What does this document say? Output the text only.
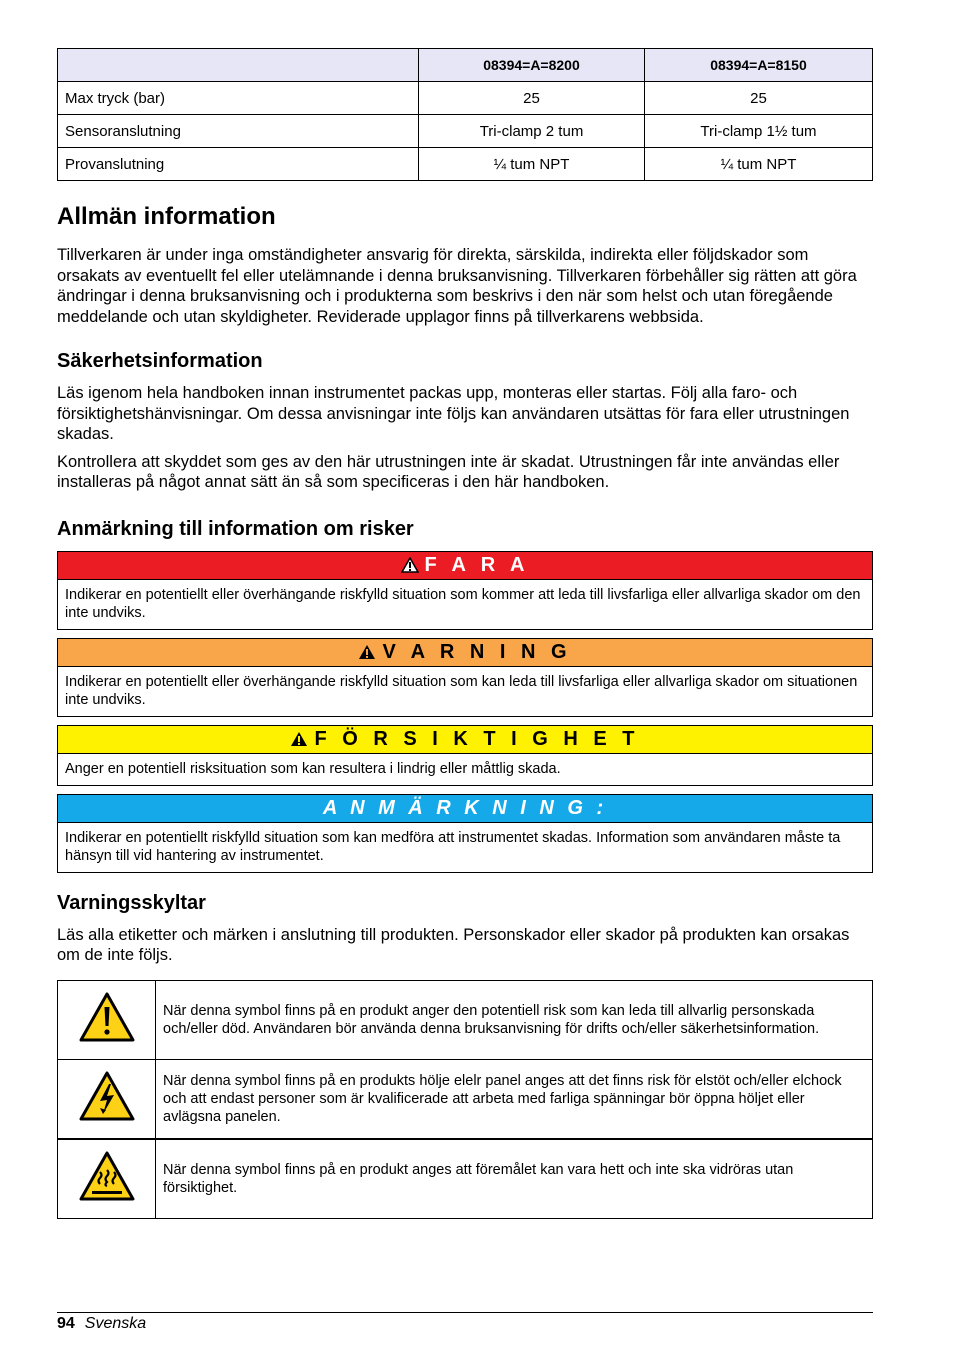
	08394=A=8200	08394=A=8150
Max tryck (bar)	25	25
Sensoranslutning	Tri-clamp 2 tum	Tri-clamp 1½ tum
Provanslutning	¼ tum NPT	¼ tum NPT
Allmän information

Tillverkaren är under inga omständigheter ansvarig för direkta, särskilda, indirekta eller följdskador som orsakats av eventuellt fel eller utelämnande i denna bruksanvisning. Tillverkaren förbehåller sig rätten att göra ändringar i denna bruksanvisning och i produkterna som beskrivs i den när som helst och utan föregående meddelande och utan skyldigheter. Reviderade upplagor finns på tillverkarens webbsida.

Säkerhetsinformation

Läs igenom hela handboken innan instrumentet packas upp, monteras eller startas. Följ alla faro- och försiktighetshänvisningar. Om dessa anvisningar inte följs kan användaren utsättas för fara eller utrustningen skadas.

Kontrollera att skyddet som ges av den här utrustningen inte är skadat. Utrustningen får inte användas eller installeras på något annat sätt än så som specificeras i den här handboken.

Anmärkning till information om risker
F A R A
Indikerar en potentiellt eller överhängande riskfylld situation som kommer att leda till livsfarliga eller allvarliga skador om den inte undviks.
V A R N I N G
Indikerar en potentiellt eller överhängande riskfylld situation som kan leda till livsfarliga eller allvarliga skador om situationen inte undviks.
F Ö R S I K T I G H E T
Anger en potentiell risksituation som kan resultera i lindrig eller måttlig skada.
A N M Ä R K N I N G :
Indikerar en potentiellt riskfylld situation som kan medföra att instrumentet skadas. Information som användaren måste ta hänsyn till vid hantering av instrumentet.
Varningsskyltar

Läs alla etiketter och märken i anslutning till produkten. Personskador eller skador på produkten kan orsakas om de inte följs.

	När denna symbol finns på en produkt anger den potentiell risk som kan leda till allvarlig personskada och/eller död. Användaren bör använda denna bruksanvisning för drifts och/eller säkerhetsinformation.
	När denna symbol finns på en produkts hölje elelr panel anges att det finns risk för elstöt och/eller elchock och att endast personer som är kvalificerade att arbeta med farliga spänningar bör öppna höljet eller avlägsna panelen.
	När denna symbol finns på en produkt anges att föremålet kan vara hett och inte ska vidröras utan försiktighet.
94 Svenska
